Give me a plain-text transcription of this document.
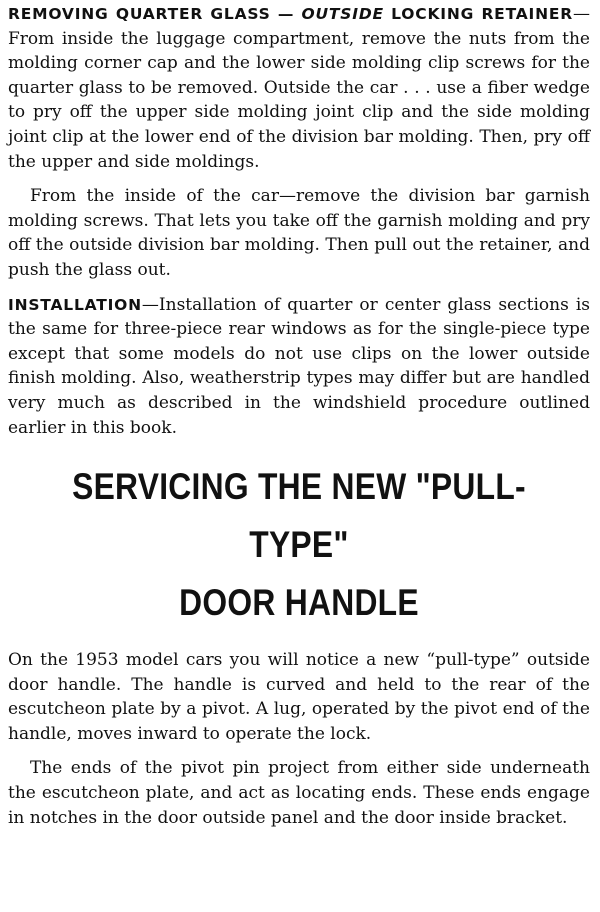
REMOVING QUARTER GLASS — OUTSIDE LOCKING RETAINER—From inside the luggage compartment, remove the nuts from the molding corner cap and the lower side molding clip screws for the quarter glass to be removed. Outside the car . . . use a fiber wedge to pry off the upper side molding joint clip and the side molding joint clip at the lower end of the division bar molding. Then, pry off the upper and side moldings.

From the inside of the car—remove the division bar garnish molding screws. That lets you take off the garnish molding and pry off the outside division bar molding. Then pull out the retainer, and push the glass out.

INSTALLATION—Installation of quarter or center glass sections is the same for three-piece rear windows as for the single-piece type except that some models do not use clips on the lower outside finish molding. Also, weatherstrip types may differ but are handled very much as described in the windshield procedure outlined earlier in this book.

SERVICING THE NEW "PULL-TYPE"
DOOR HANDLE

On the 1953 model cars you will notice a new “pull-type” outside door handle. The handle is curved and held to the rear of the escutcheon plate by a pivot. A lug, operated by the pivot end of the handle, moves inward to operate the lock.

The ends of the pivot pin project from either side underneath the escutcheon plate, and act as locating ends. These ends engage in notches in the door outside panel and the door inside bracket.
